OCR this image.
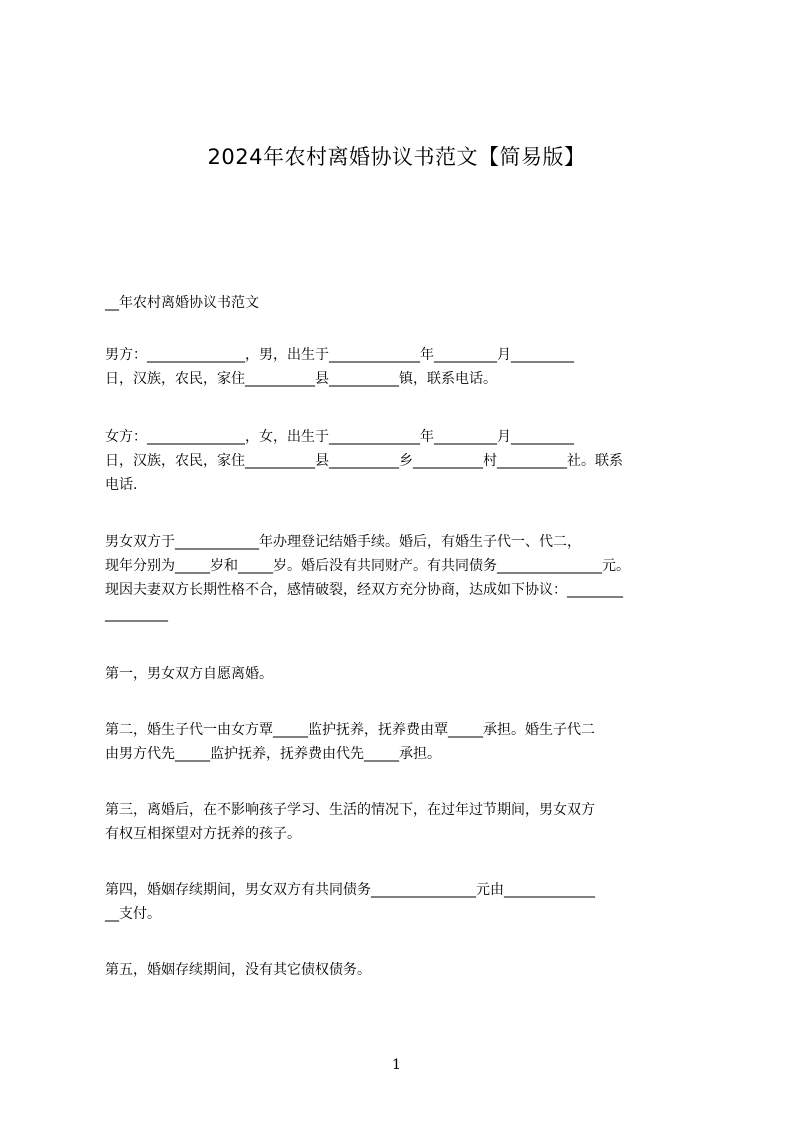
2024年农村离婚协议书范文【简易版】
__年农村离婚协议书范文
男方：______________，男，出生于_____________年_________月_________
日，汉族，农民，家住__________县__________镇，联系电话。
女方：______________，女，出生于_____________年_________月_________
日，汉族，农民，家住__________县__________乡__________村__________社。联系
电话.
男女双方于____________年办理登记结婚手续。婚后，有婚生子代一、代二，
现年分别为_____岁和_____岁。婚后没有共同财产。有共同债务_______________元。
现因夫妻双方长期性格不合，感情破裂，经双方充分协商，达成如下协议：________
_________
第一，男女双方自愿离婚。
第二，婚生子代一由女方覃_____监护抚养，抚养费由覃_____承担。婚生子代二
由男方代先_____监护抚养，抚养费由代先_____承担。
第三，离婚后，在不影响孩子学习、生活的情况下，在过年过节期间，男女双方
有权互相探望对方抚养的孩子。
第四，婚姻存续期间，男女双方有共同债务_______________元由_____________
__支付。
第五，婚姻存续期间，没有其它债权债务。
1
